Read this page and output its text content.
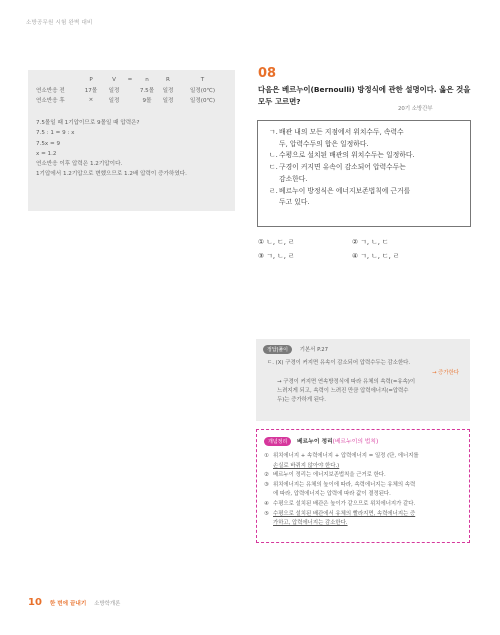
소방공무원 시험 완벽 대비
	P	V	=	n	R	T
연소반응 전	17몰	일정		7.5몰	일정	일정(0℃)
연소반응 후	×	일정		9몰	일정	일정(0℃)
7.5몰일 때 1기압이므로 9몰일 때 압력은?
7.5 : 1 = 9 : x
7.5x = 9
x = 1.2
연소반응 이후 압력은 1.2기압이다.
1기압에서 1.2기압으로 변했으므로 1.2배 압력이 증가하였다.
08
다음은 베르누이(Bernoulli) 방정식에 관한 설명이다. 옳은 것을 모두 고르면?
20기 소방간부
ㄱ. 배관 내의 모든 지점에서 위치수두, 속력수
두, 압력수두의 합은 일정하다.
ㄴ. 수평으로 설치된 배관의 위치수두는 일정하다.
ㄷ. 구경이 커지면 유속이 감소되어 압력수두는
감소한다.
ㄹ. 베르누이 방정식은 에너지보존법칙에 근거를
두고 있다.
① ㄴ, ㄷ, ㄹ	② ㄱ, ㄴ, ㄷ
③ ㄱ, ㄴ, ㄹ	④ ㄱ, ㄴ, ㄷ, ㄹ
정답|풀이 기본서 P.27
ㄷ. (X) 구경이 커지면 유속이 감소되어 압력수두는 감소한다.
→ 증가한다
→ 구경이 커지면 연속방정식에 따라 유체의 속력(=유속)이
느려지게 되고, 속력이 느려진 만큼 압력에너지(=압력수
두)는 증가하게 된다.
개념정리 베르누이 정리(베르누이의 법칙)
① 위치에너지 + 속력에너지 + 압력에너지 = 일정 (단, 에너지를
손실로 바뀌지 않아야 한다.)
② 베르누이 정리는 에너지보존법칙을 근거로 한다.
③ 위치에너지는 유체의 높이에 따라, 속력에너지는 유체의 속력
에 따라, 압력에너지는 압력에 따라 값이 결정된다.
④ 수평으로 설치된 배관은 높이가 같으므로 위치에너지가 같다.
⑤ 수평으로 설치된 배관에서 유체의 빨라지면, 속력에너지는 증
가하고, 압력에너지는 감소한다.
10 한 번에 끝내기 소방학개론
